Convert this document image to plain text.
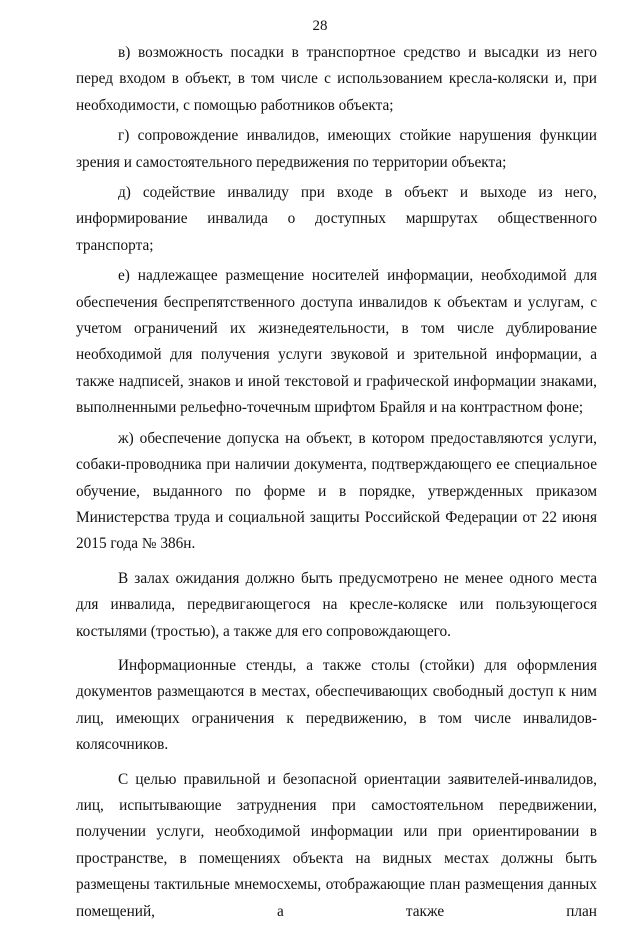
28

в) возможность посадки в транспортное средство и высадки из него перед входом в объект, в том числе с использованием кресла-коляски и, при необходимости, с помощью работников объекта;

г) сопровождение инвалидов, имеющих стойкие нарушения функции зрения и самостоятельного передвижения по территории объекта;

д) содействие инвалиду при входе в объект и выходе из него, информирование инвалида о доступных маршрутах общественного транспорта;

е) надлежащее размещение носителей информации, необходимой для обеспечения беспрепятственного доступа инвалидов к объектам и услугам, с учетом ограничений их жизнедеятельности, в том числе дублирование необходимой для получения услуги звуковой и зрительной информации, а также надписей, знаков и иной текстовой и графической информации знаками, выполненными рельефно-точечным шрифтом Брайля и на контрастном фоне;

ж) обеспечение допуска на объект, в котором предоставляются услуги, собаки-проводника при наличии документа, подтверждающего ее специальное обучение, выданного по форме и в порядке, утвержденных приказом Министерства труда и социальной защиты Российской Федерации от 22 июня 2015 года № 386н.

В залах ожидания должно быть предусмотрено не менее одного места для инвалида, передвигающегося на кресле-коляске или пользующегося костылями (тростью), а также для его сопровождающего.

Информационные стенды, а также столы (стойки) для оформления документов размещаются в местах, обеспечивающих свободный доступ к ним лиц, имеющих ограничения к передвижению, в том числе инвалидов-колясочников.

С целью правильной и безопасной ориентации заявителей-инвалидов, лиц, испытывающие затруднения при самостоятельном передвижении, получении услуги, необходимой информации или при ориентировании в пространстве, в помещениях объекта на видных местах должны быть размещены тактильные мнемосхемы, отображающие план размещения данных помещений, а также план
